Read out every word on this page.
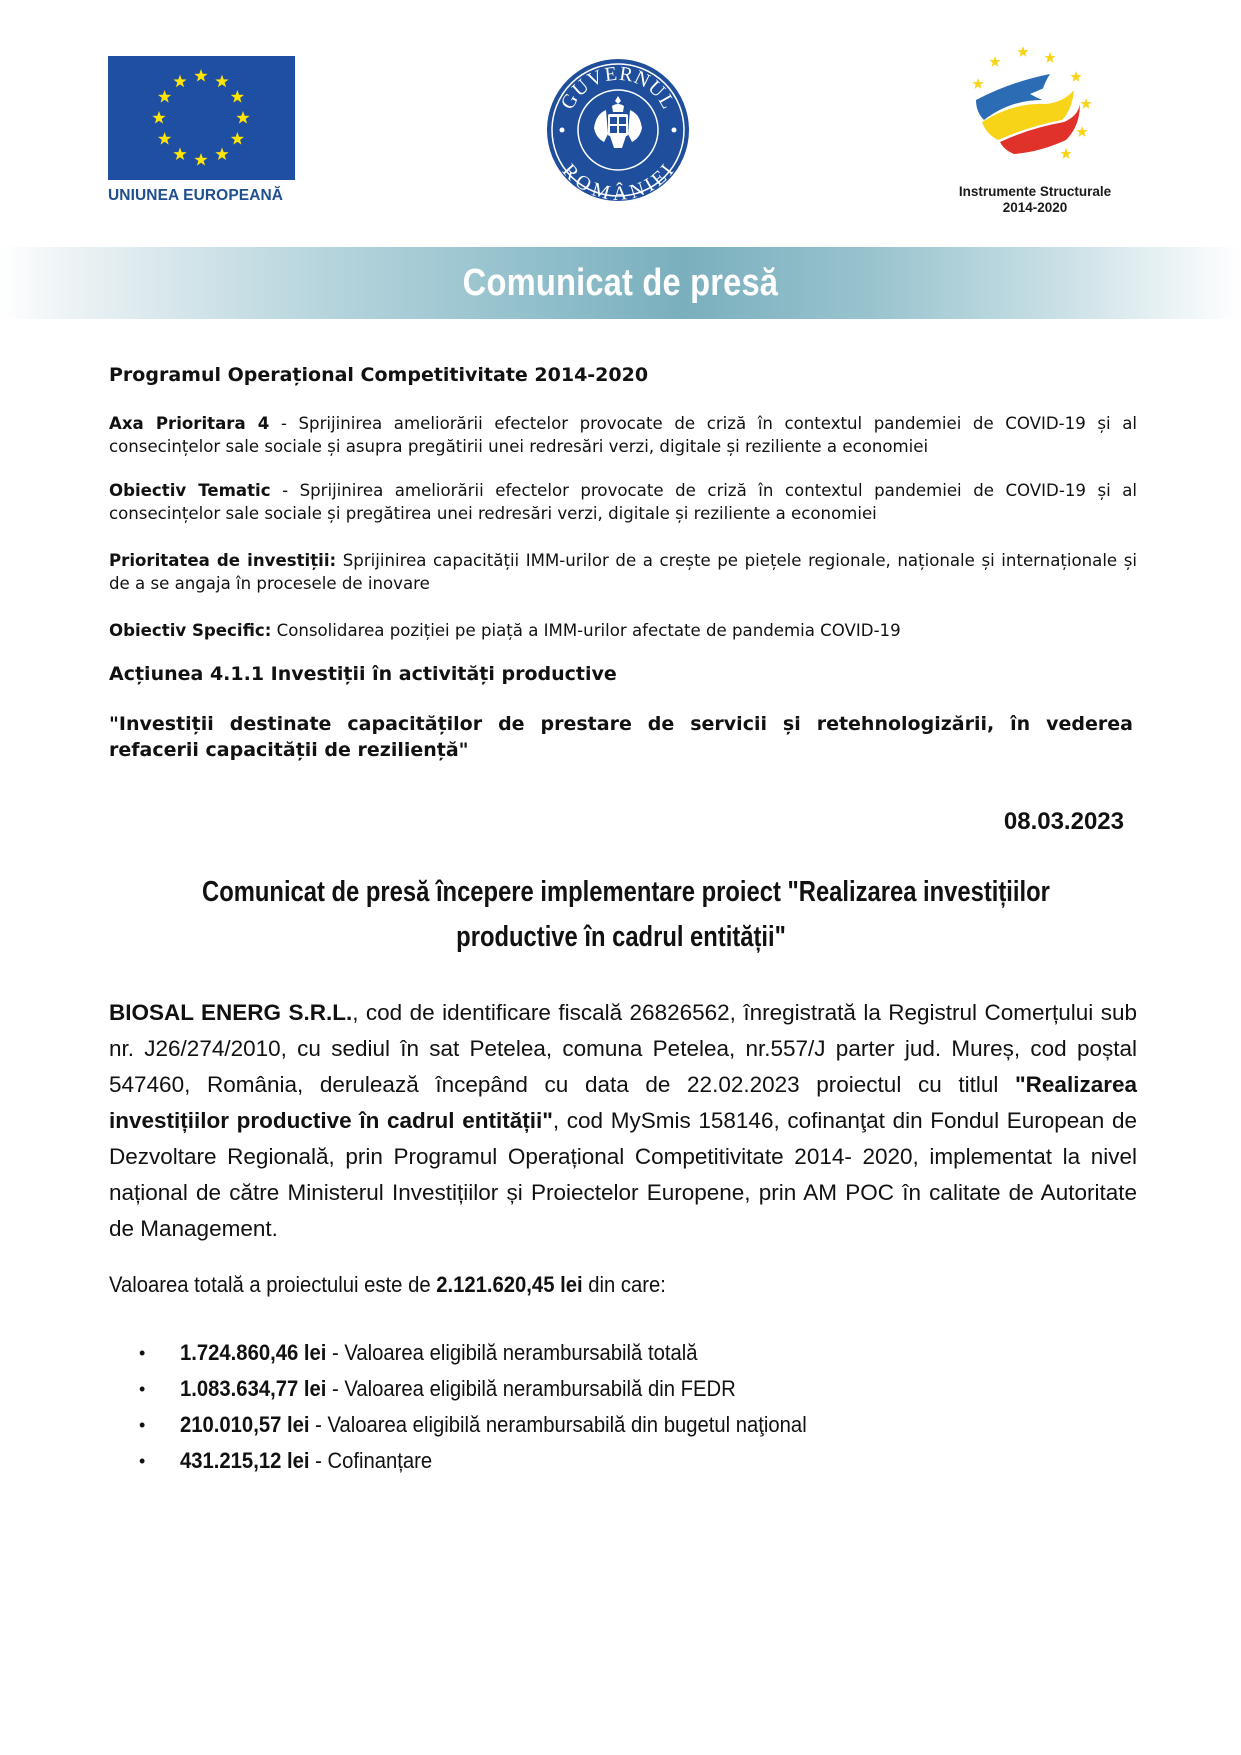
UNIUNEA EUROPEANĂ
GUVERNUL
ROMÂNIEI
Instrumente Structurale
2014-2020
Comunicat de presă
Programul Operațional Competitivitate 2014-2020
Axa Prioritara 4 - Sprijinirea ameliorării efectelor provocate de criză în contextul pandemiei de COVID-19 și al consecințelor sale sociale și asupra pregătirii unei redresări verzi, digitale și reziliente a economiei
Obiectiv Tematic - Sprijinirea ameliorării efectelor provocate de criză în contextul pandemiei de COVID-19 și al consecințelor sale sociale și pregătirea unei redresări verzi, digitale și reziliente a economiei
Prioritatea de investiții: Sprijinirea capacității IMM-urilor de a crește pe piețele regionale, naționale și internaționale și de a se angaja în procesele de inovare
Obiectiv Specific: Consolidarea poziției pe piață a IMM-urilor afectate de pandemia COVID-19
Acțiunea 4.1.1 Investiții în activități productive
"Investiții destinate capacităților de prestare de servicii și retehnologizării, în vederea refacerii capacității de reziliență"
08.03.2023
Comunicat de presă începere implementare proiect "Realizarea investițiilor
productive în cadrul entității"
BIOSAL ENERG S.R.L., cod de identificare fiscală 26826562, înregistrată la Registrul Comerțului sub nr. J26/274/2010, cu sediul în sat Petelea, comuna Petelea, nr.557/J parter jud. Mureș, cod poștal 547460, România, derulează începând cu data de 22.02.2023 proiectul cu titlul "Realizarea investițiilor productive în cadrul entității", cod MySmis 158146, cofinanţat din Fondul European de Dezvoltare Regională, prin Programul Operațional Competitivitate 2014- 2020, implementat la nivel național de către Ministerul Investițiilor și Proiectelor Europene, prin AM POC în calitate de Autoritate de Management.
Valoarea totală a proiectului este de 2.121.620,45 lei din care:
• 1.724.860,46 lei - Valoarea eligibilă nerambursabilă totală
• 1.083.634,77 lei - Valoarea eligibilă nerambursabilă din FEDR
• 210.010,57 lei - Valoarea eligibilă nerambursabilă din bugetul naţional
• 431.215,12 lei - Cofinanțare
